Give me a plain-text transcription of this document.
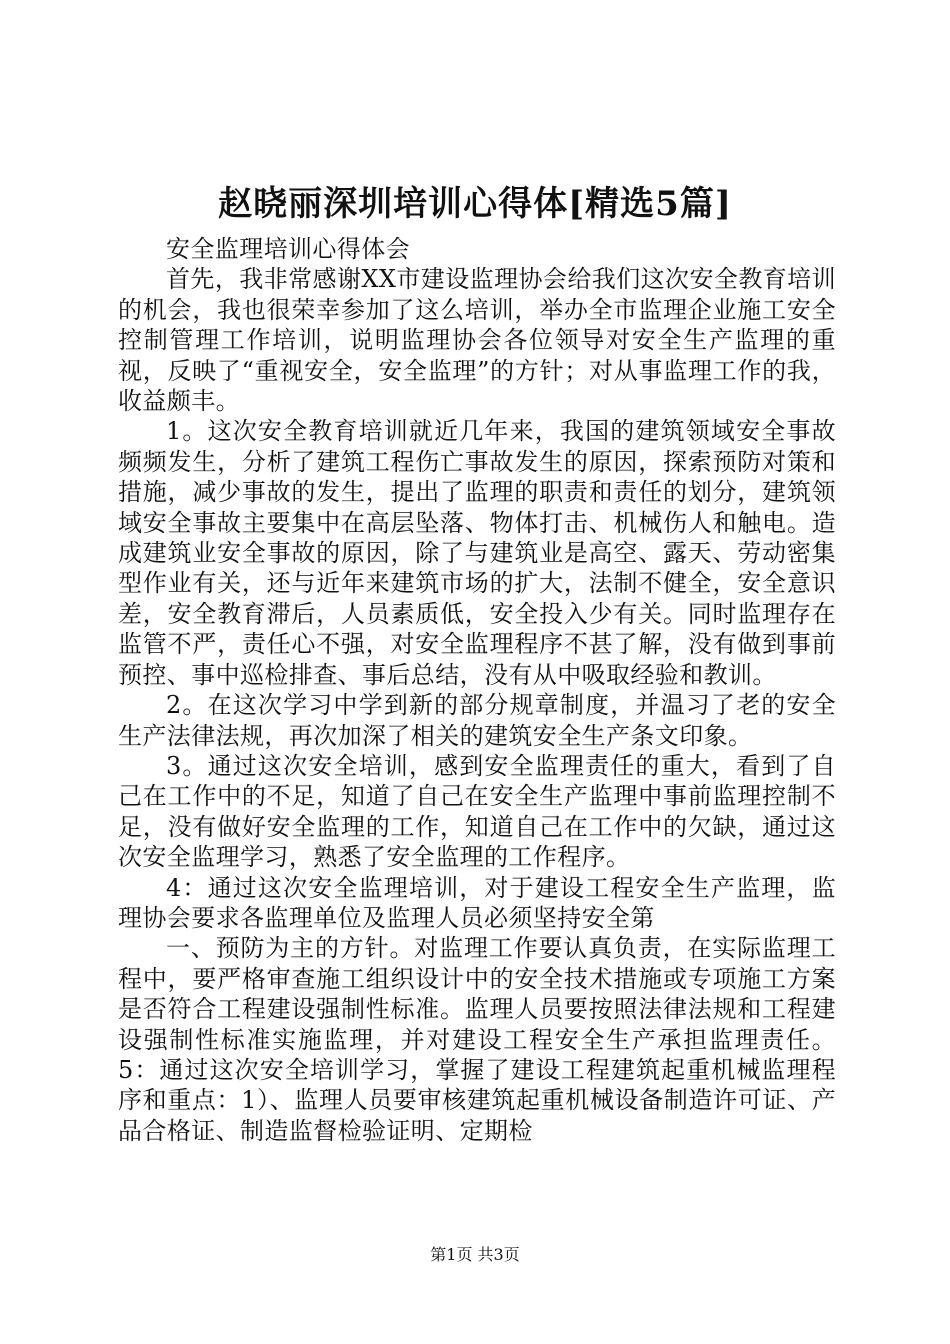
赵晓丽深圳培训心得体[精选5篇]

安全监理培训心得体会

首先，我非常感谢XX市建设监理协会给我们这次安全教育培训的机会，我也很荣幸参加了这么培训，举办全市监理企业施工安全控制管理工作培训，说明监理协会各位领导对安全生产监理的重视，反映了“重视安全，安全监理”的方针；对从事监理工作的我，收益颇丰。

1。这次安全教育培训就近几年来，我国的建筑领域安全事故频频发生，分析了建筑工程伤亡事故发生的原因，探索预防对策和措施，减少事故的发生，提出了监理的职责和责任的划分，建筑领域安全事故主要集中在高层坠落、物体打击、机械伤人和触电。造成建筑业安全事故的原因，除了与建筑业是高空、露天、劳动密集型作业有关，还与近年来建筑市场的扩大，法制不健全，安全意识差，安全教育滞后，人员素质低，安全投入少有关。同时监理存在监管不严，责任心不强，对安全监理程序不甚了解，没有做到事前预控、事中巡检排查、事后总结，没有从中吸取经验和教训。

2。在这次学习中学到新的部分规章制度，并温习了老的安全生产法律法规，再次加深了相关的建筑安全生产条文印象。

3。通过这次安全培训，感到安全监理责任的重大，看到了自己在工作中的不足，知道了自己在安全生产监理中事前监理控制不足，没有做好安全监理的工作，知道自己在工作中的欠缺，通过这次安全监理学习，熟悉了安全监理的工作程序。

4：通过这次安全监理培训，对于建设工程安全生产监理，监理协会要求各监理单位及监理人员必须坚持安全第

一、预防为主的方针。对监理工作要认真负责，在实际监理工程中，要严格审查施工组织设计中的安全技术措施或专项施工方案是否符合工程建设强制性标准。监理人员要按照法律法规和工程建设强制性标准实施监理，并对建设工程安全生产承担监理责任。5：通过这次安全培训学习，掌握了建设工程建筑起重机械监理程序和重点：1）、监理人员要审核建筑起重机械设备制造许可证、产品合格证、制造监督检验证明、定期检

第1页 共3页
